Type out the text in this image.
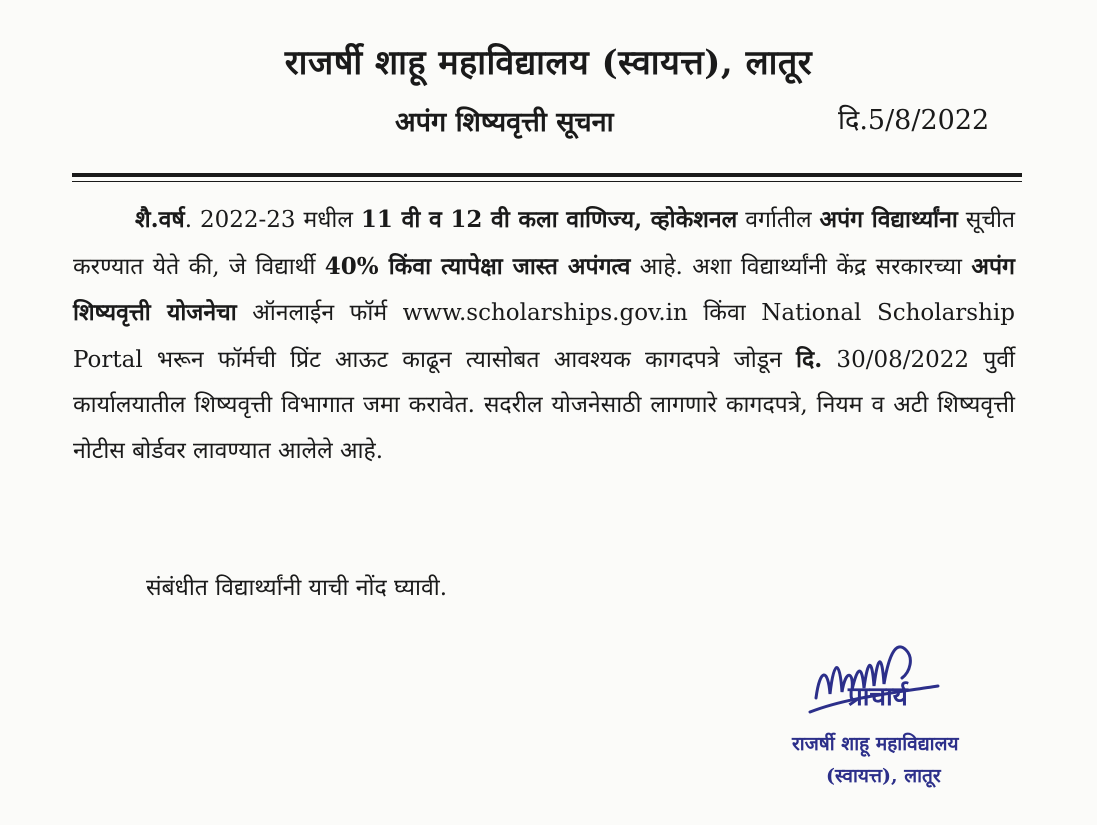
राजर्षी शाहू महाविद्यालय (स्वायत्त), लातूर
अपंग शिष्यवृत्ती सूचना	दि.5/8/2022

शै.वर्ष. 2022-23 मधील 11 वी व 12 वी कला वाणिज्य, व्होकेशनल वर्गातील अपंग विद्यार्थ्यांना सूचीत करण्यात येते की, जे विद्यार्थी 40% किंवा त्यापेक्षा जास्त अपंगत्व आहे. अशा विद्यार्थ्यांनी केंद्र सरकारच्या अपंग शिष्यवृत्ती योजनेचा ऑनलाईन फॉर्म www.scholarships.gov.in किंवा National Scholarship Portal भरून फॉर्मची प्रिंट आऊट काढून त्यासोबत आवश्यक कागदपत्रे जोडून दि. 30/08/2022 पुर्वी कार्यालयातील शिष्यवृत्ती विभागात जमा करावेत. सदरील योजनेसाठी लागणारे कागदपत्रे, नियम व अटी शिष्यवृत्ती नोटीस बोर्डवर लावण्यात आलेले आहे.

संबंधीत विद्यार्थ्यांनी याची नोंद घ्यावी.
प्राचार्य
राजर्षी शाहू महाविद्यालय
(स्वायत्त), लातूर
